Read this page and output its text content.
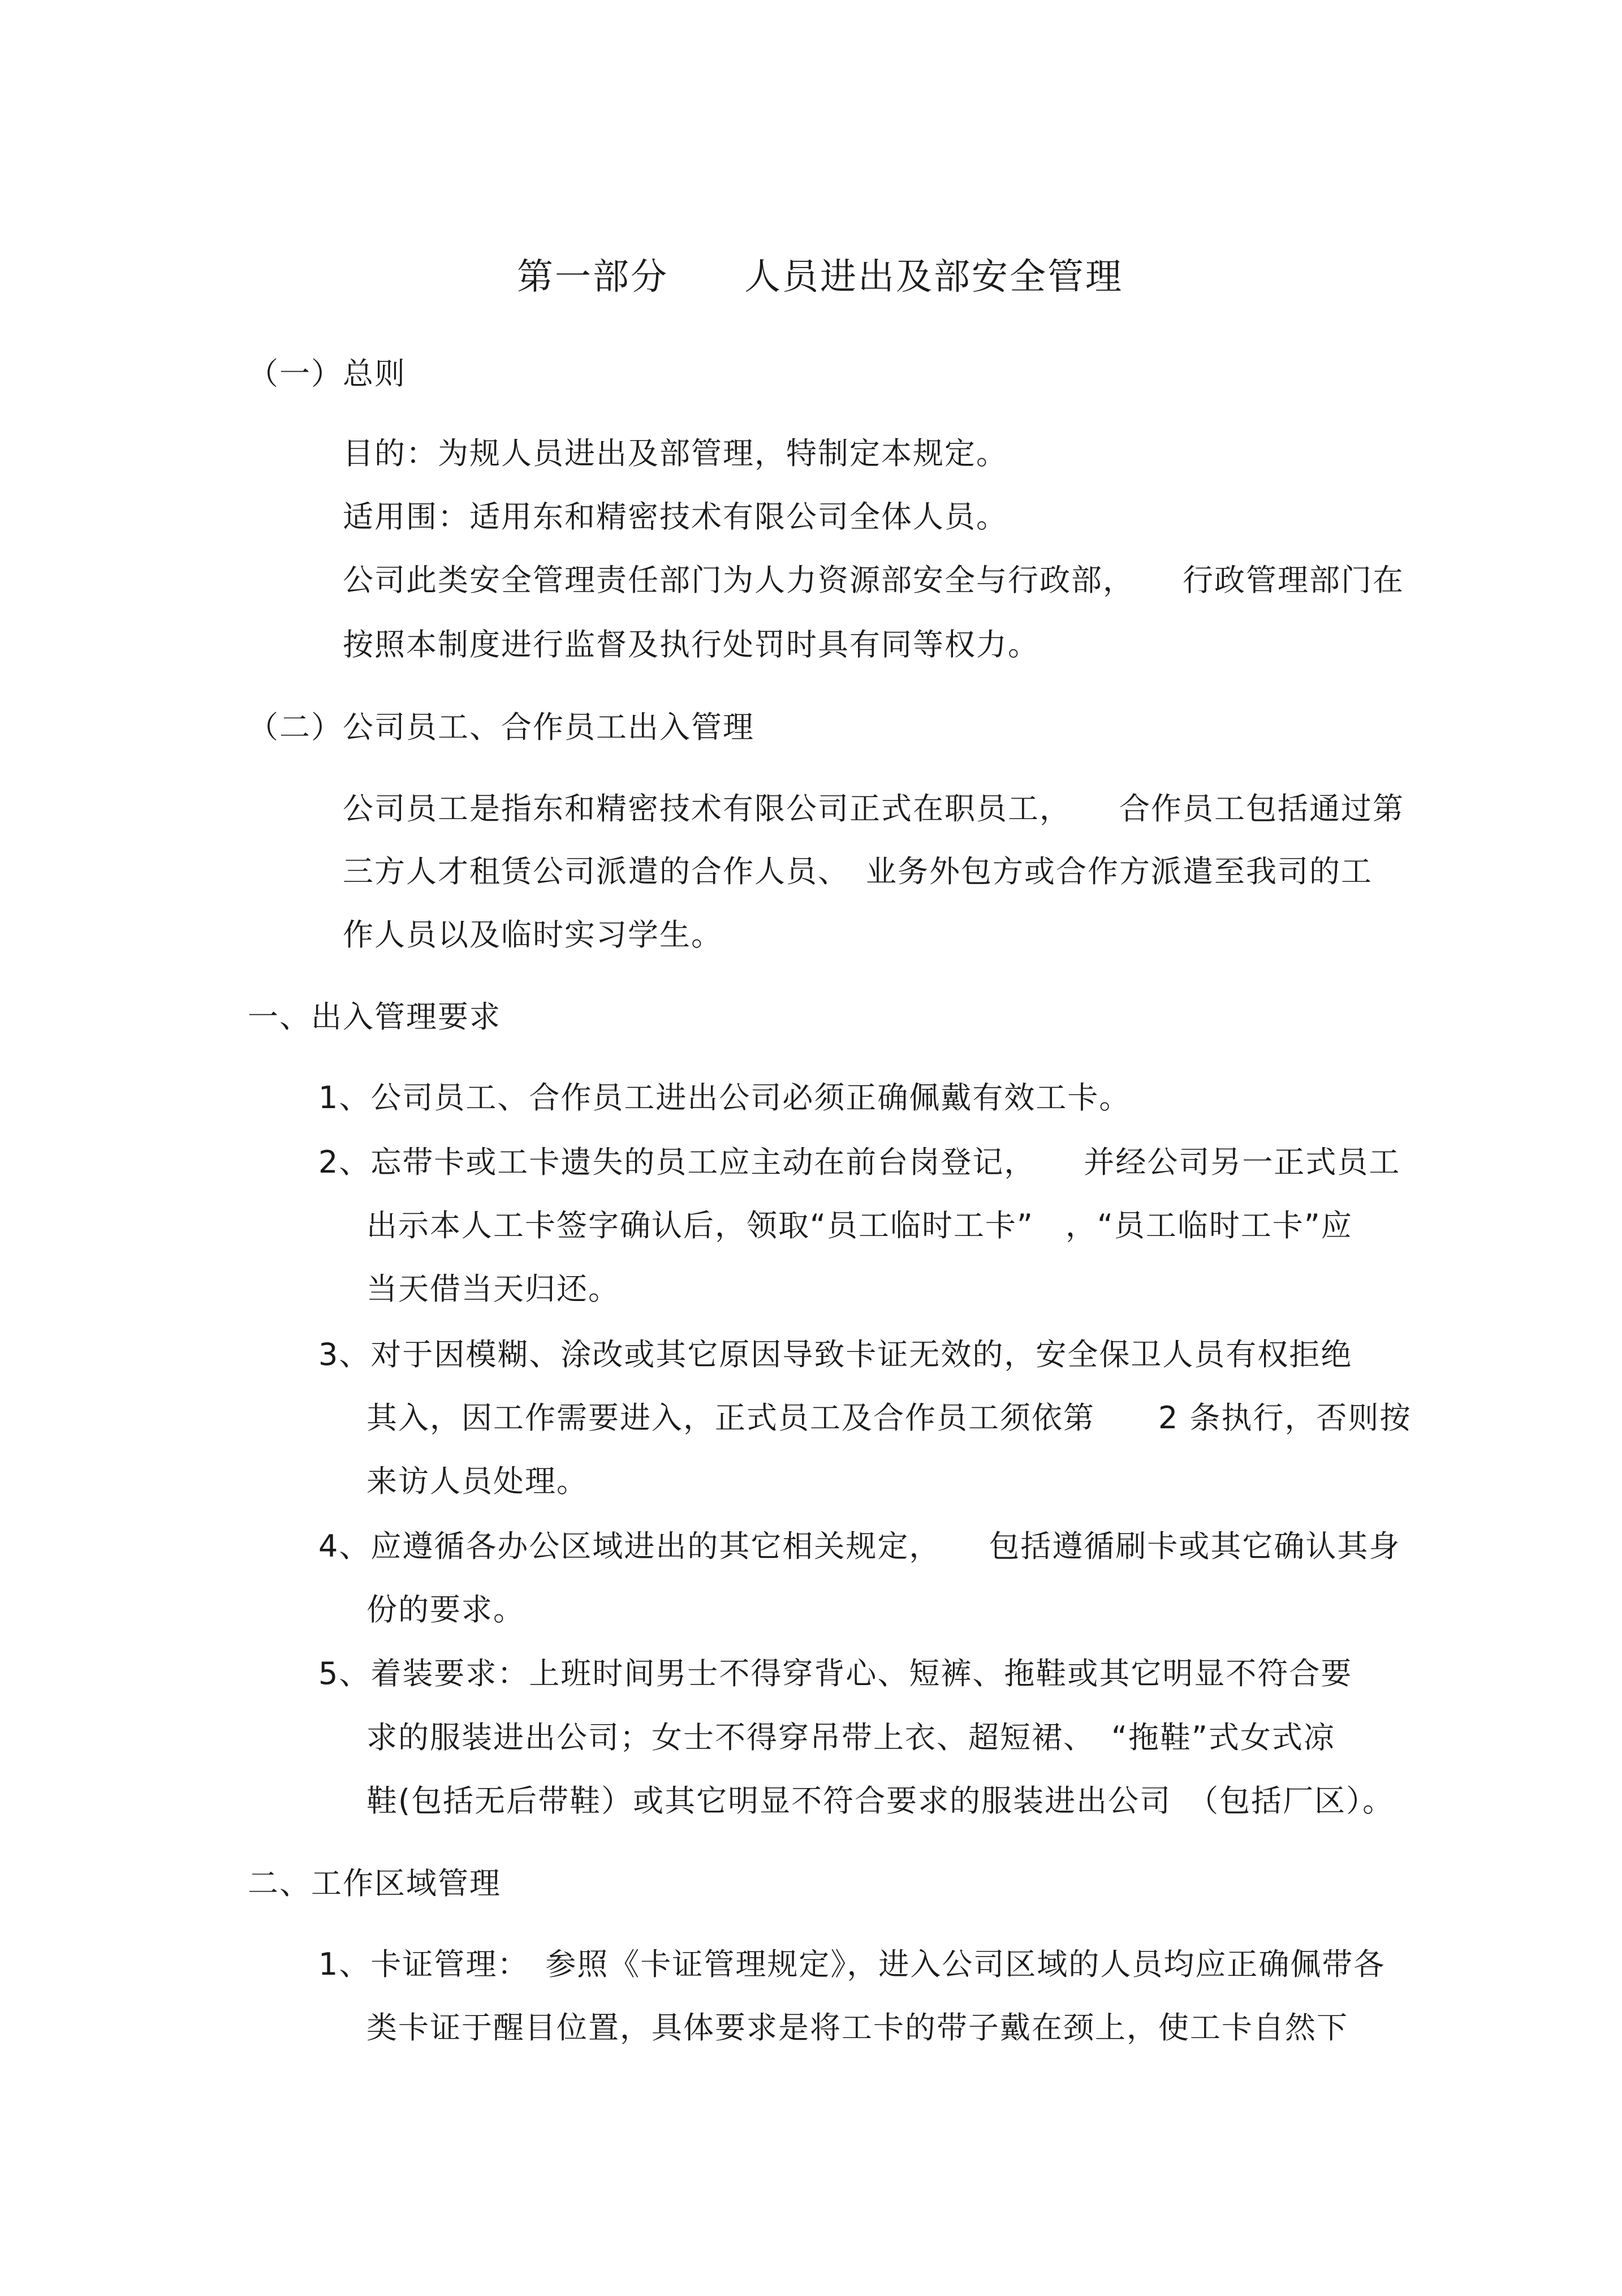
第一部分　　人员进出及部安全管理
（一）总则
目的：为规人员进出及部管理，特制定本规定。
适用围：适用东和精密技术有限公司全体人员。
公司此类安全管理责任部门为人力资源部安全与行政部，　　行政管理部门在
按照本制度进行监督及执行处罚时具有同等权力。
（二）公司员工、合作员工出入管理
公司员工是指东和精密技术有限公司正式在职员工，　　合作员工包括通过第
三方人才租赁公司派遣的合作人员、　业务外包方或合作方派遣至我司的工
作人员以及临时实习学生。
一、出入管理要求
1、公司员工、合作员工进出公司必须正确佩戴有效工卡。
2、忘带卡或工卡遗失的员工应主动在前台岗登记，　　并经公司另一正式员工
出示本人工卡签字确认后，领取“员工临时工卡”　，“员工临时工卡”应
当天借当天归还。
3、对于因模糊、涂改或其它原因导致卡证无效的，安全保卫人员有权拒绝
其入，因工作需要进入，正式员工及合作员工须依第　　2 条执行，否则按
来访人员处理。
4、应遵循各办公区域进出的其它相关规定，　　包括遵循刷卡或其它确认其身
份的要求。
5、着装要求：上班时间男士不得穿背心、短裤、拖鞋或其它明显不符合要
求的服装进出公司；女士不得穿吊带上衣、超短裙、　“拖鞋”式女式凉
鞋(包括无后带鞋）或其它明显不符合要求的服装进出公司　（包括厂区）。
二、工作区域管理
1、卡证管理：　参照《卡证管理规定》，进入公司区域的人员均应正确佩带各
类卡证于醒目位置，具体要求是将工卡的带子戴在颈上，使工卡自然下
